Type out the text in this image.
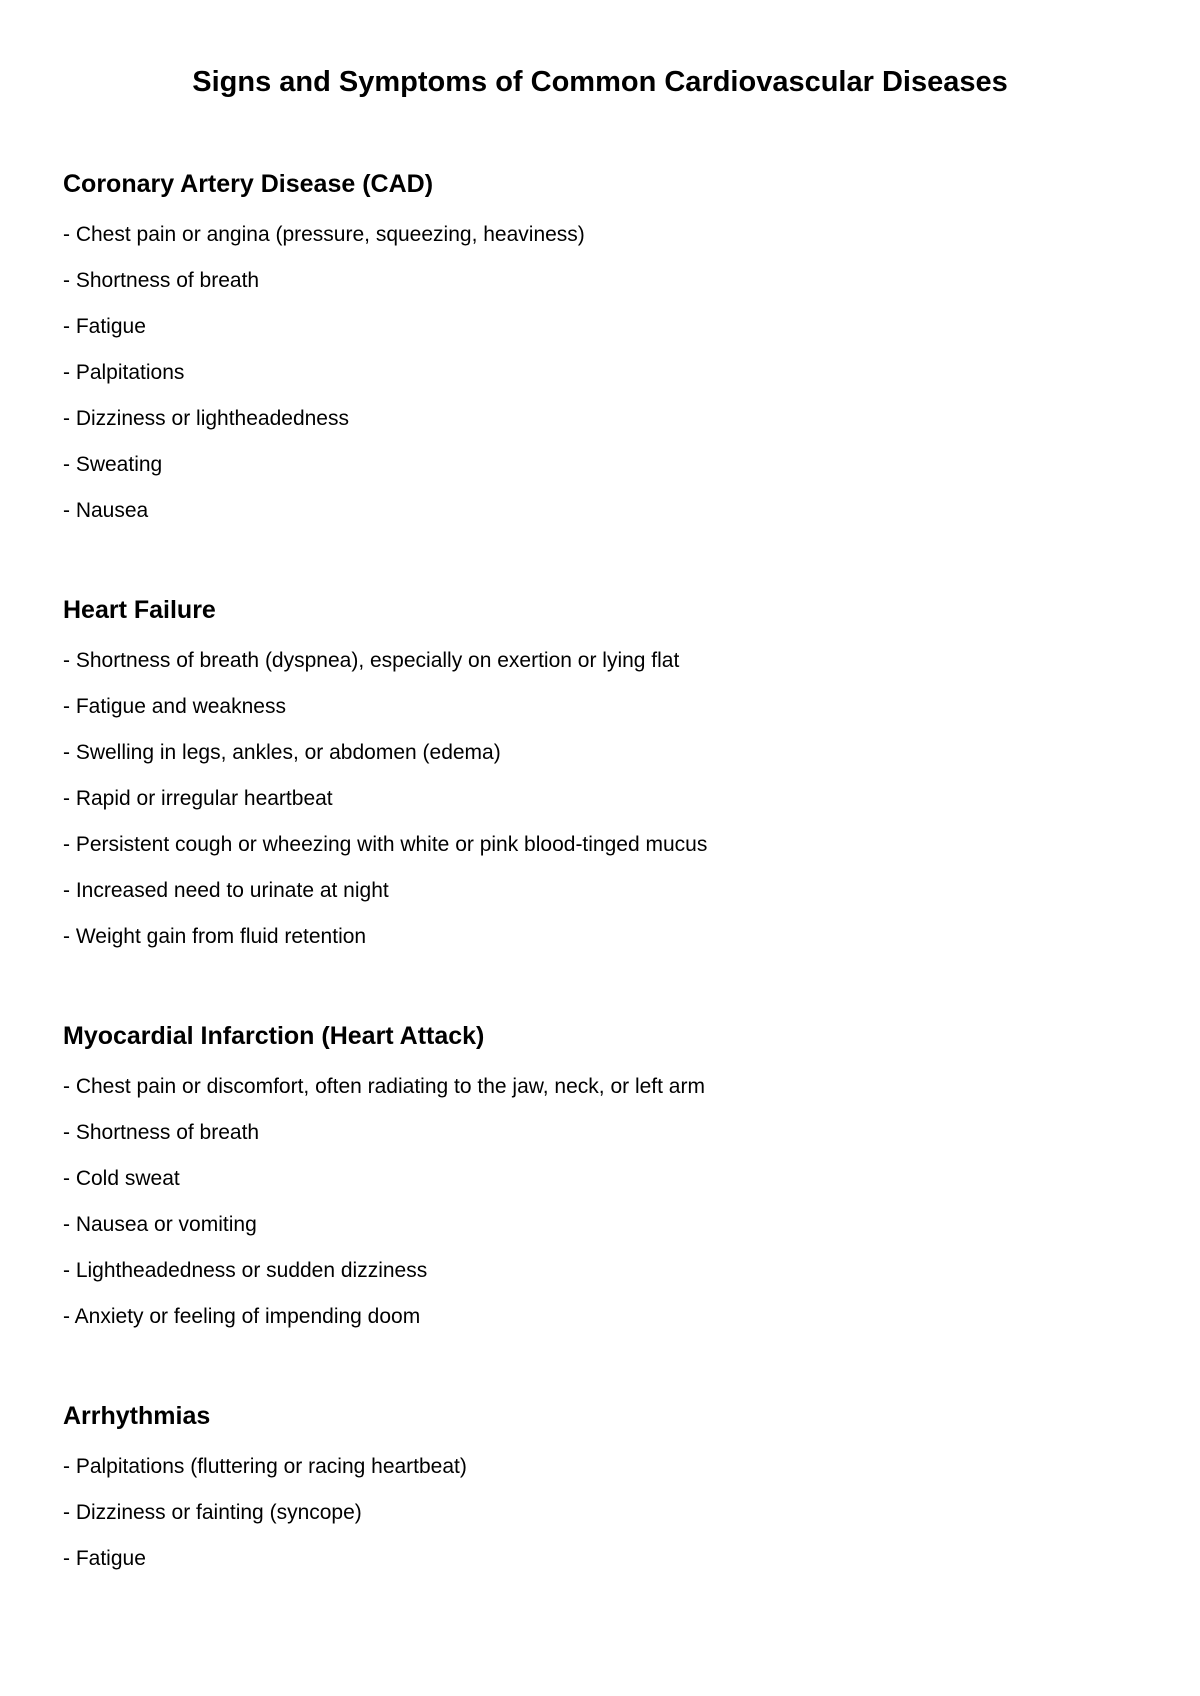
Signs and Symptoms of Common Cardiovascular Diseases
Coronary Artery Disease (CAD)
- Chest pain or angina (pressure, squeezing, heaviness)
- Shortness of breath
- Fatigue
- Palpitations
- Dizziness or lightheadedness
- Sweating
- Nausea
Heart Failure
- Shortness of breath (dyspnea), especially on exertion or lying flat
- Fatigue and weakness
- Swelling in legs, ankles, or abdomen (edema)
- Rapid or irregular heartbeat
- Persistent cough or wheezing with white or pink blood-tinged mucus
- Increased need to urinate at night
- Weight gain from fluid retention
Myocardial Infarction (Heart Attack)
- Chest pain or discomfort, often radiating to the jaw, neck, or left arm
- Shortness of breath
- Cold sweat
- Nausea or vomiting
- Lightheadedness or sudden dizziness
- Anxiety or feeling of impending doom
Arrhythmias
- Palpitations (fluttering or racing heartbeat)
- Dizziness or fainting (syncope)
- Fatigue
